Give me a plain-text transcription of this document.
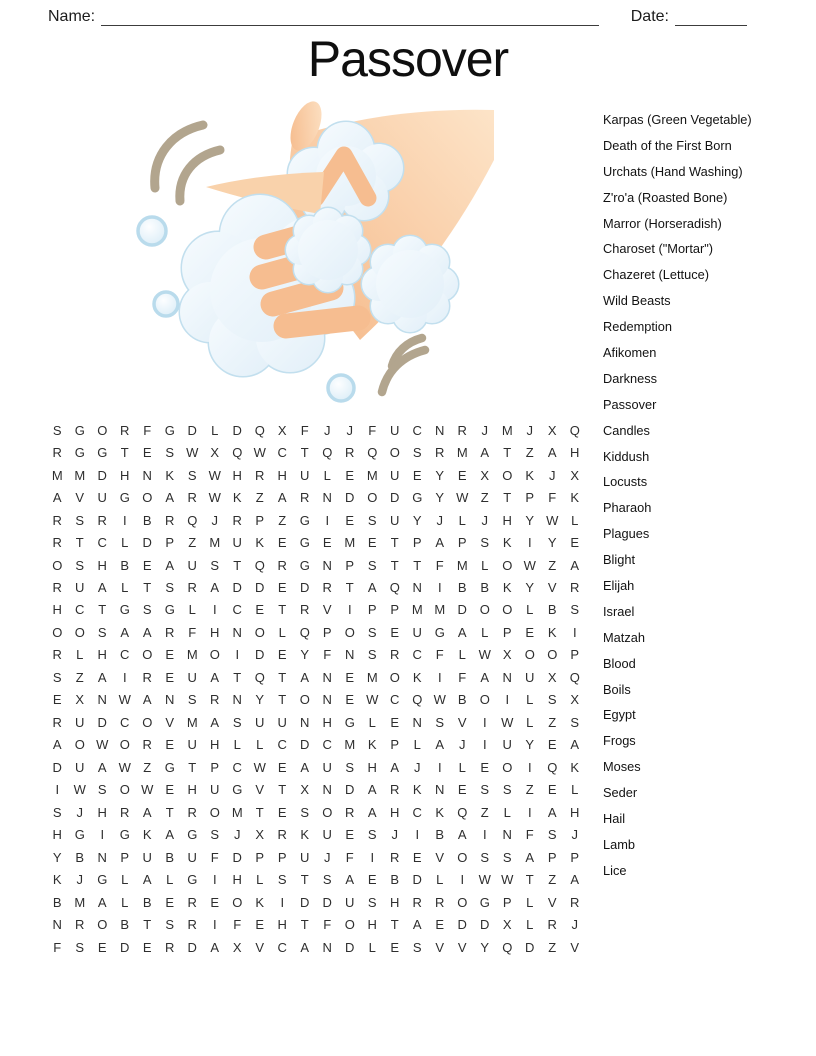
Name:	Date:
Passover
Karpas (Green Vegetable)
Death of the First Born
Urchats (Hand Washing)
Z'ro'a (Roasted Bone)
Marror (Horseradish)
Charoset ("Mortar")
Chazeret (Lettuce)
Wild Beasts
Redemption
Afikomen
Darkness
Passover
Candles
Kiddush
Locusts
Pharaoh
Plagues
Blight
Elijah
Israel
Matzah
Blood
Boils
Egypt
Frogs
Moses
Seder
Hail
Lamb
Lice
S	G O R	F	G D	L	D Q	X	F	J	J	F	U	C	N	R	J	M	J	X	Q
R G G	T	E	S W X	Q W C	T	Q R Q O	S	R M A	T	Z	A	H
M M D	H	N	K	S W H	R	H	U	L	E M U	E	Y	E	X	O	K	J	X
A	V	U G O	A	R W K	Z	A	R	N	D O D G	Y W Z	T	P	F	K
R	S	R	I	B	R Q	J	R	P	Z	G	I	E	S	U	Y	J	L	J	H	Y W L
R	T	C	L	D	P	Z	M U	K	E	G	E M E	T	P	A	P	S	K	I	Y	E
O	S	H	B	E	A	U	S	T	Q R G N	P	S	T	T	F	M	L	O W Z	A
R	U	A	L	T	S	R	A	D	D	E	D	R	T	A	Q N	I	B	B	K	Y	V	R
H	C	T	G	S	G	L	I	C	E	T	R	V	I	P	P M M D O O	L	B	S
O O	S	A	A	R	F	H	N O	L	Q	P	O	S	E	U G	A	L	P	E	K	I
R	L	H	C O	E M O	I	D	E	Y	F	N	S	R	C	F	L W X	O O	P
S	Z	A	I	R	E	U	A	T	Q	T	A	N	E M O	K	I	F	A	N	U	X	Q
E	X	N W A	N	S	R	N	Y	T	O N	E W C Q W B	O	I	L	S	X
R	U	D	C O	V M A	S	U	U	N	H G	L	E	N	S	V	I	W L	Z	S
A	O W O R	E	U	H	L	L	C	D	C M K	P	L	A	J	I	U	Y	E	A
D	U	A W Z	G	T	P	C W E	A	U	S	H	A	J	I	L	E	O	I	Q	K
I	W S	O W E	H	U G	V	T	X	N	D	A	R	K	N	E	S	S	Z	E	L
S	J	H	R	A	T	R O M	T	E	S	O R	A	H	C	K	Q	Z	L	I	A	H
H G	I	G	K	A	G	S	J	X	R	K	U	E	S	J	I	B	A	I	N	F	S	J
Y	B	N	P	U	B	U	F	D	P	P	U	J	F	I	R	E	V	O	S	S	A	P	P
K	J	G	L	A	L	G	I	H	L	S	T	S	A	E	B	D	L	I	W W T	Z	A
B M A	L	B	E	R	E	O	K	I	D	D	U	S	H	R	R O G	P	L	V	R
N	R O	B	T	S	R	I	F	E	H	T	F	O H	T	A	E	D	D	X	L	R	J
F	S	E	D	E	R	D	A	X	V	C	A	N	D	L	E	S	V	V	Y	Q D	Z	V
